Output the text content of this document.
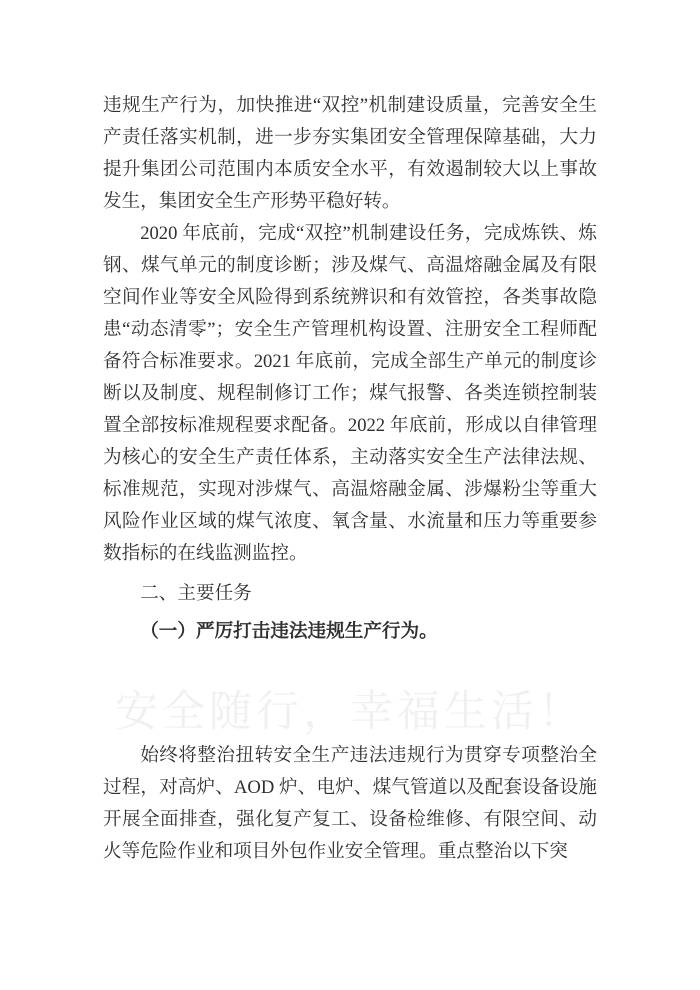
安全随行，幸福生活！

违规生产行为，加快推进“双控”机制建设质量，完善安全生产责任落实机制，进一步夯实集团安全管理保障基础，大力提升集团公司范围内本质安全水平，有效遏制较大以上事故发生，集团安全生产形势平稳好转。

2020 年底前，完成“双控”机制建设任务，完成炼铁、炼钢、煤气单元的制度诊断；涉及煤气、高温熔融金属及有限空间作业等安全风险得到系统辨识和有效管控，各类事故隐患“动态清零”；安全生产管理机构设置、注册安全工程师配备符合标准要求。2021 年底前，完成全部生产单元的制度诊断以及制度、规程制修订工作；煤气报警、各类连锁控制装置全部按标准规程要求配备。2022 年底前，形成以自律管理为核心的安全生产责任体系，主动落实安全生产法律法规、标准规范，实现对涉煤气、高温熔融金属、涉爆粉尘等重大风险作业区域的煤气浓度、氧含量、水流量和压力等重要参数指标的在线监测监控。

二、主要任务

（一）严厉打击违法违规生产行为。

始终将整治扭转安全生产违法违规行为贯穿专项整治全过程，对高炉、AOD 炉、电炉、煤气管道以及配套设备设施开展全面排查，强化复产复工、设备检维修、有限空间、动火等危险作业和项目外包作业安全管理。重点整治以下突
